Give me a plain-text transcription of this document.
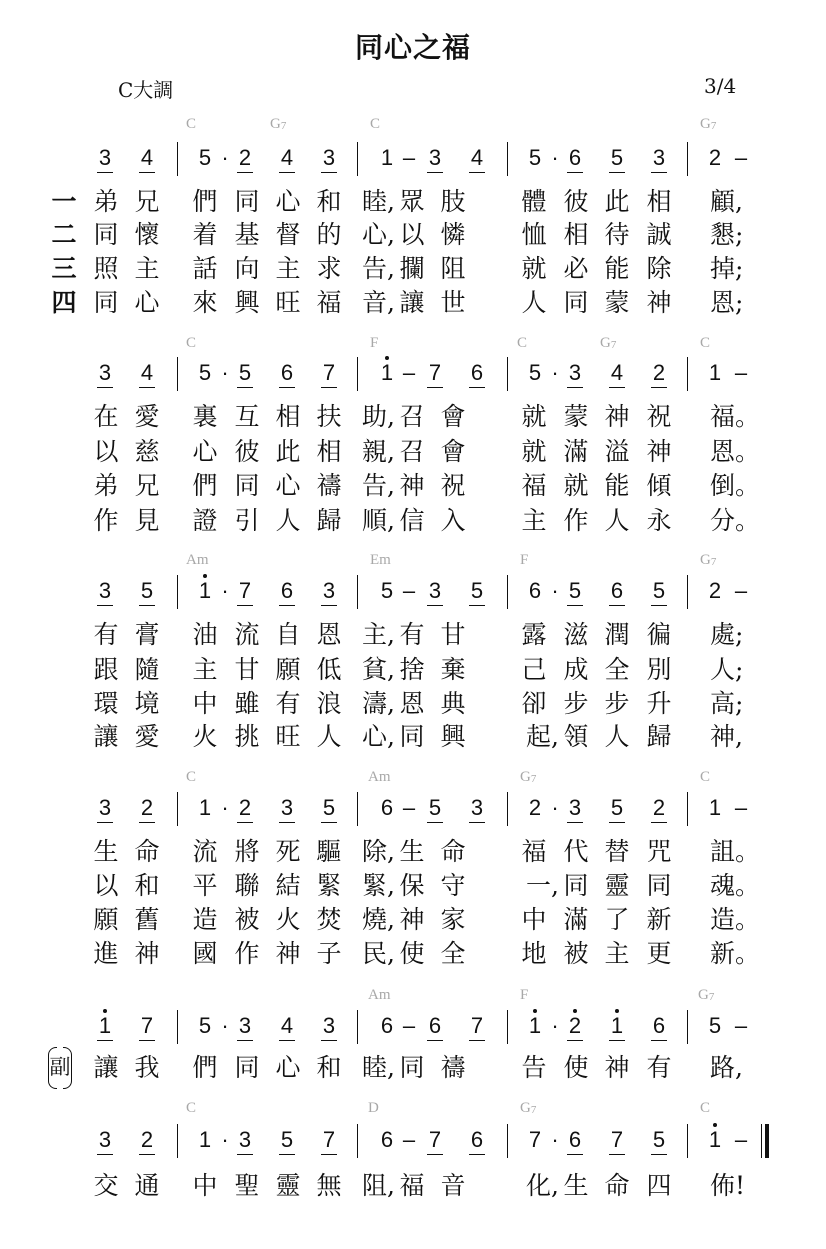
同心之福
C大調	3/4
C	$G_7$	C	$G_7$
3 4 5 · 2 4 3 1 – 3 4 5 · 6 5 3 2 –
一 弟 兄 們 同 心 和 睦, 眾 肢 體 彼 此 相 顧,
二 同 懷 着 基 督 的 心, 以 憐 恤 相 待 誠 懇;
三 照 主 話 向 主 求 告, 攔 阻 就 必 能 除 掉;
四 同 心 來 興 旺 福 音, 讓 世 人 同 蒙 神 恩;
C	F	C	$G_7$	C
3 4 5 · 5 6 7 1 – 7 6 5 · 3 4 2 1 –
在 愛 裏 互 相 扶 助, 召 會 就 蒙 神 祝 福。
以 慈 心 彼 此 相 親, 召 會 就 滿 溢 神 恩。
弟 兄 們 同 心 禱 告, 神 祝 福 就 能 傾 倒。
作 見 證 引 人 歸 順, 信 入 主 作 人 永 分。
Am	Em	F	$G_7$
3 5 1 · 7 6 3 5 – 3 5 6 · 5 6 5 2 –
有 膏 油 流 自 恩 主, 有 甘 露 滋 潤 徧 處;
跟 隨 主 甘 願 低 貧, 捨 棄 己 成 全 別 人;
環 境 中 雖 有 浪 濤, 恩 典 卻 步 步 升 高;
讓 愛 火 挑 旺 人 心, 同 興 起, 領 人 歸 神,
C	Am	$G_7$	C
3 2 1 · 2 3 5 6 – 5 3 2 · 3 5 2 1 –
生 命 流 將 死 驅 除, 生 命 福 代 替 咒 詛。
以 和 平 聯 結 緊 緊, 保 守 一, 同 靈 同 魂。
願 舊 造 被 火 焚 燒, 神 家 中 滿 了 新 造。
進 神 國 作 神 子 民, 使 全 地 被 主 更 新。
Am	F	$G_7$
1 7 5 · 3 4 3 6 – 6 7 1 · 2 1 6 5 –
讓 我 們 同 心 和 睦, 同 禱 告 使 神 有 路,
C	D	$G_7$	C
3 2 1 · 3 5 7 6 – 7 6 7 · 6 7 5 1 –
交 通 中 聖 靈 無 阻, 福 音 化, 生 命 四 佈!
副
